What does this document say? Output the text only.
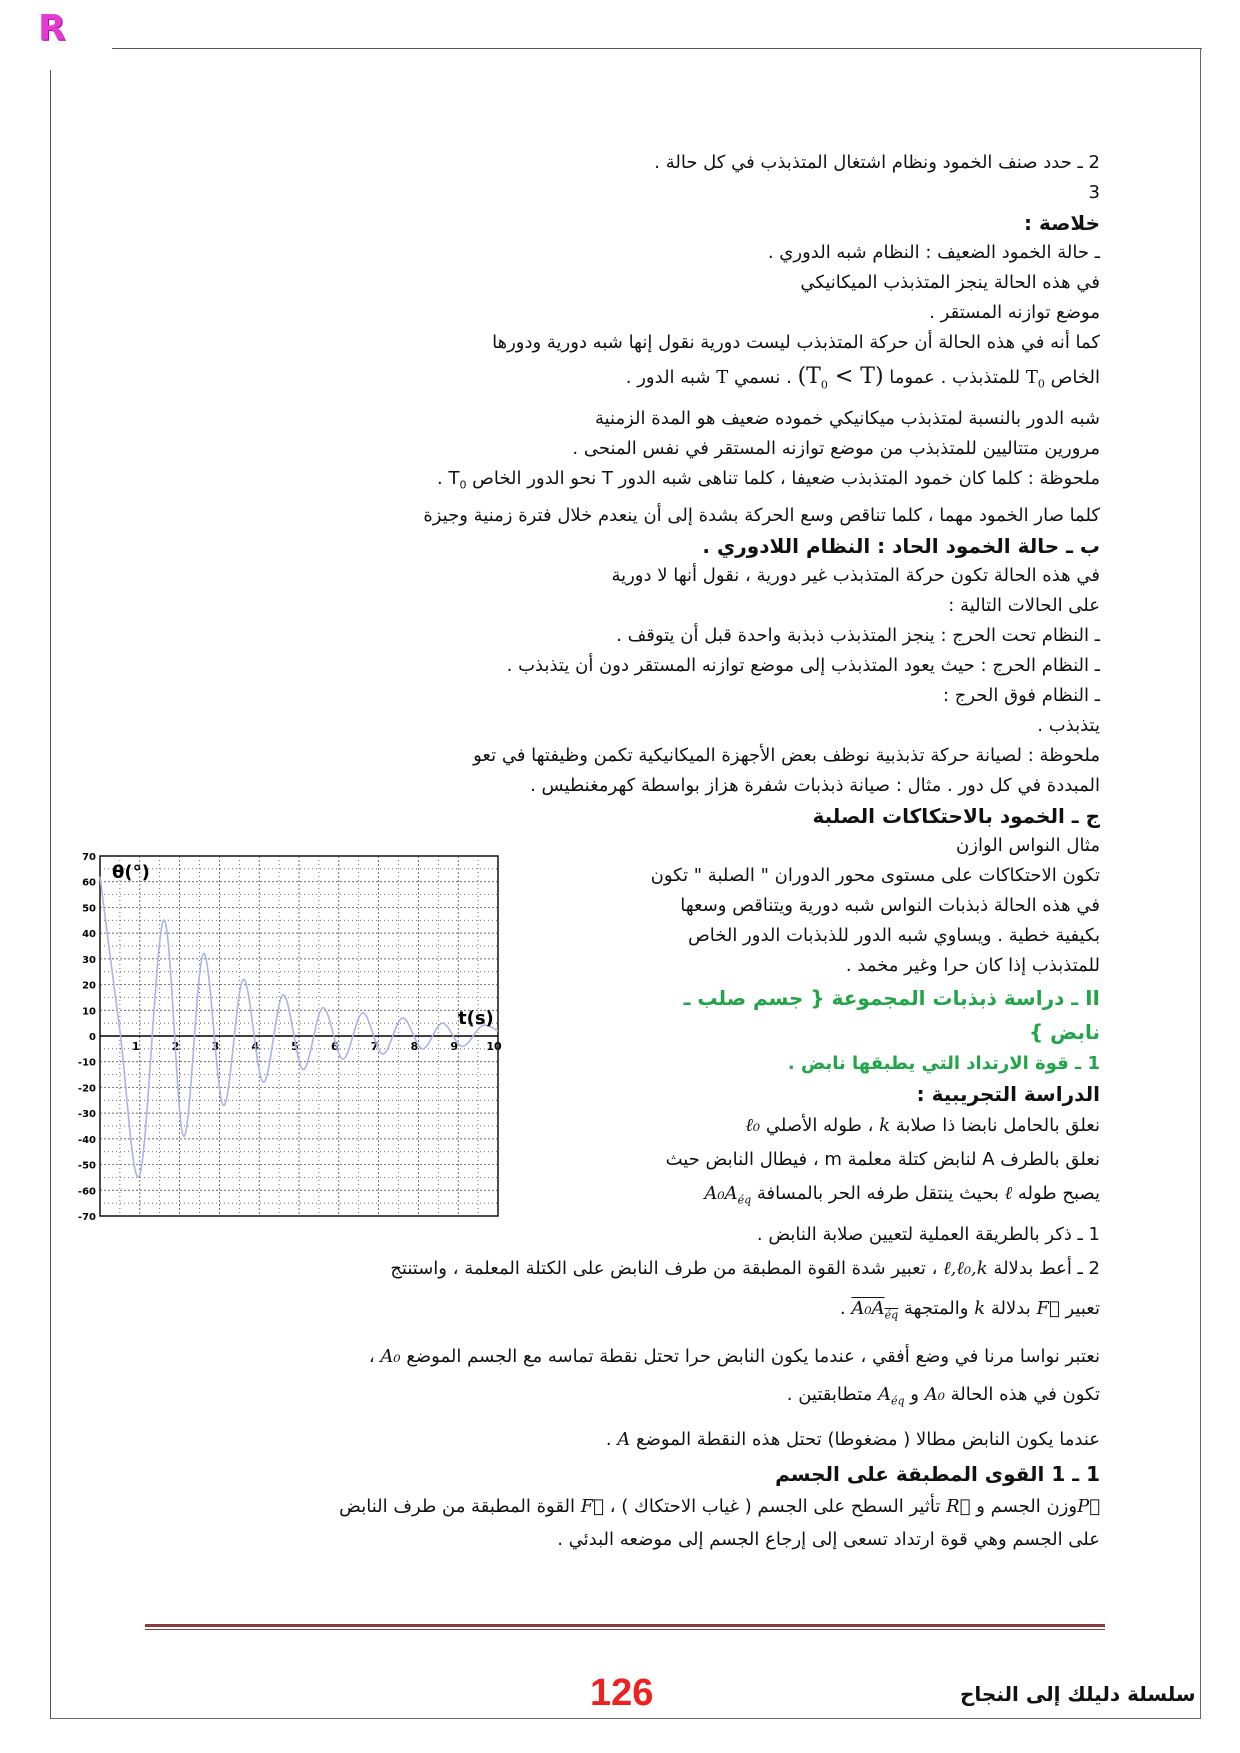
R

2 ـ حدد صنف الخمود ونظام اشتغال المتذبذب في كل حالة .

3

خلاصة :

ـ حالة الخمود الضعيف : النظام شبه الدوري .

في هذه الحالة ينجز المتذبذب الميكانيكي

موضع توازنه المستقر .

كما أنه في هذه الحالة أن حركة المتذبذب ليست دورية نقول إنها شبه دورية ودورها

الخاص $T_0$ للمتذبذب . عموما $(T_0 < T)$ . نسمي T شبه الدور .

شبه الدور بالنسبة لمتذبذب ميكانيكي خموده ضعيف هو المدة الزمنية

مرورين متتاليين للمتذبذب من موضع توازنه المستقر في نفس المنحى .

ملحوظة : كلما كان خمود المتذبذب ضعيفا ، كلما تناهى شبه الدور T نحو الدور الخاص $T_0$ .

كلما صار الخمود مهما ، كلما تناقص وسع الحركة بشدة إلى أن ينعدم خلال فترة زمنية وجيزة

ب ـ حالة الخمود الحاد : النظام اللادوري .

في هذه الحالة تكون حركة المتذبذب غير دورية ، نقول أنها لا دورية

على الحالات التالية :

ـ النظام تحت الحرج : ينجز المتذبذب ذبذبة واحدة قبل أن يتوقف .

ـ النظام الحرج : حيث يعود المتذبذب إلى موضع توازنه المستقر دون أن يتذبذب .

ـ النظام فوق الحرج :

يتذبذب .

ملحوظة : لصيانة حركة تذبذبية نوظف بعض الأجهزة الميكانيكية تكمن وظيفتها في تعو

المبددة في كل دور . مثال : صيانة ذبذبات شفرة هزاز بواسطة كهرمغنطيس .

ج ـ الخمود بالاحتكاكات الصلبة

مثال النواس الوازن

تكون الاحتكاكات على مستوى محور الدوران " الصلبة " تكون

في هذه الحالة ذبذبات النواس شبه دورية ويتناقص وسعها

بكيفية خطية . ويساوي شبه الدور للذبذبات الدور الخاص

للمتذبذب إذا كان حرا وغير مخمد .

II ـ دراسة ذبذبات المجموعة { جسم صلب ـ

نابض }

1 ـ قوة الارتداد التي يطبقها نابض .

الدراسة التجريبية :

نعلق بالحامل نابضا ذا صلابة k ، طوله الأصلي ℓ₀

نعلق بالطرف A لنابض كتلة معلمة m ، فيطال النابض حيث

يصبح طوله ℓ بحيث ينتقل طرفه الحر بالمسافة $A_0A_{éq}$

1 ـ ذكر بالطريقة العملية لتعيين صلابة النابض .

2 ـ أعط بدلالة ℓ,ℓ₀,k ، تعبير شدة القوة المطبقة من طرف النابض على الكتلة المعلمة ، واستنتج

تعبير F⃗ بدلالة k والمتجهة $A_0A_{éq}$ .

نعتبر نواسا مرنا في وضع أفقي ، عندما يكون النابض حرا تحتل نقطة تماسه مع الجسم الموضع A₀ ،

تكون في هذه الحالة A₀ و $A_{éq}$ متطابقتين .

عندما يكون النابض مطالا ( مضغوطا) تحتل هذه النقطة الموضع A .

1 ـ 1 القوى المطبقة على الجسم

P⃗وزن الجسم و R⃗ تأثير السطح على الجسم ( غياب الاحتكاك ) ، F⃗ القوة المطبقة من طرف النابض

على الجسم وهي قوة ارتداد تسعى إلى إرجاع الجسم إلى موضعه البدئي .

70
60
50
40
30
20
10
0
-10
-20
-30
-40
-50
-60
-70
1	2	3	4	5	6	7	8	9	10
θ(°)
t(s)
126	سلسلة دليلك إلى النجاح
